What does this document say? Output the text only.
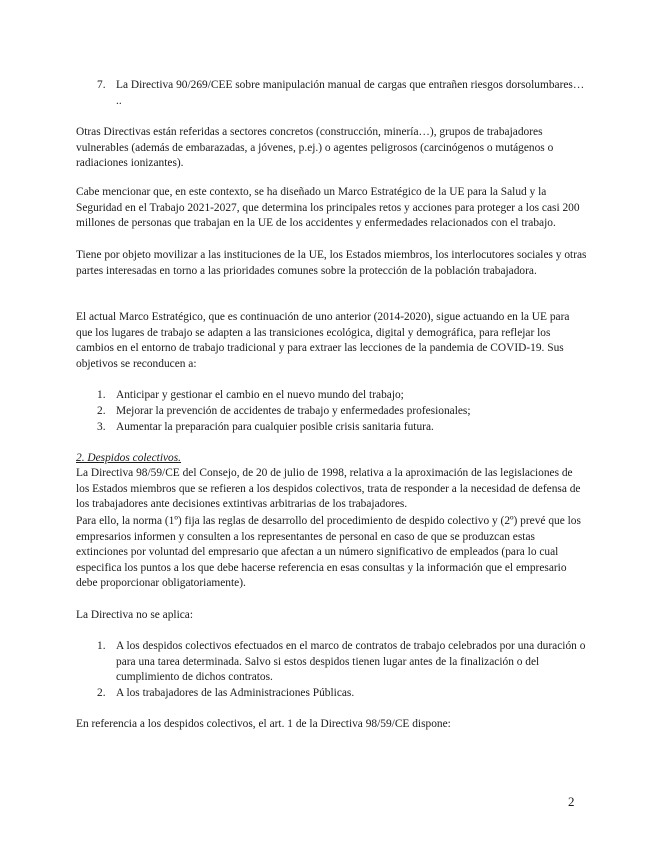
7. La Directiva 90/269/CEE sobre manipulación manual de cargas que entrañen riesgos dorsolumbares… ..

Otras Directivas están referidas a sectores concretos (construcción, minería…), grupos de trabajadores vulnerables (además de embarazadas, a jóvenes, p.ej.) o agentes peligrosos (carcinógenos o mutágenos o radiaciones ionizantes).

Cabe mencionar que, en este contexto, se ha diseñado un Marco Estratégico de la UE para la Salud y la Seguridad en el Trabajo 2021-2027, que determina los principales retos y acciones para proteger a los casi 200 millones de personas que trabajan en la UE de los accidentes y enfermedades relacionados con el trabajo.

Tiene por objeto movilizar a las instituciones de la UE, los Estados miembros, los interlocutores sociales y otras partes interesadas en torno a las prioridades comunes sobre la protección de la población trabajadora.

El actual Marco Estratégico, que es continuación de uno anterior (2014-2020), sigue actuando en la UE para que los lugares de trabajo se adapten a las transiciones ecológica, digital y demográfica, para reflejar los cambios en el entorno de trabajo tradicional y para extraer las lecciones de la pandemia de COVID-19. Sus objetivos se reconducen a:

1. Anticipar y gestionar el cambio en el nuevo mundo del trabajo;
2. Mejorar la prevención de accidentes de trabajo y enfermedades profesionales;
3. Aumentar la preparación para cualquier posible crisis sanitaria futura.
2. Despidos colectivos.

La Directiva 98/59/CE del Consejo, de 20 de julio de 1998, relativa a la aproximación de las legislaciones de los Estados miembros que se refieren a los despidos colectivos, trata de responder a la necesidad de defensa de los trabajadores ante decisiones extintivas arbitrarias de los trabajadores.

Para ello, la norma (1º) fija las reglas de desarrollo del procedimiento de despido colectivo y (2º) prevé que los empresarios informen y consulten a los representantes de personal en caso de que se produzcan estas extinciones por voluntad del empresario que afectan a un número significativo de empleados (para lo cual especifica los puntos a los que debe hacerse referencia en esas consultas y la información que el empresario debe proporcionar obligatoriamente).

La Directiva no se aplica:

1. A los despidos colectivos efectuados en el marco de contratos de trabajo celebrados por una duración o para una tarea determinada. Salvo si estos despidos tienen lugar antes de la finalización o del cumplimiento de dichos contratos.
2. A los trabajadores de las Administraciones Públicas.

En referencia a los despidos colectivos, el art. 1 de la Directiva 98/59/CE dispone:

2
